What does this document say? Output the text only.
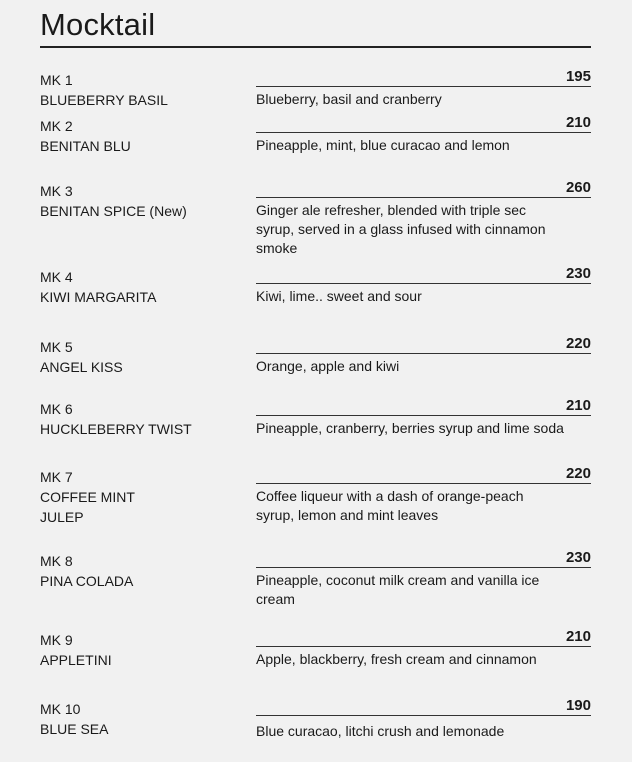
Mocktail
MK 1
BLUEBERRY BASIL
195
Blueberry, basil and cranberry
MK 2
BENITAN BLU
210
Pineapple, mint, blue curacao and lemon
MK 3
BENITAN SPICE (New)
260
Ginger ale refresher, blended with triple sec
syrup, served in a glass infused with cinnamon
smoke
MK 4
KIWI MARGARITA
230
Kiwi, lime.. sweet and sour
MK 5
ANGEL KISS
220
Orange, apple and kiwi
MK 6
HUCKLEBERRY TWIST
210
Pineapple, cranberry, berries syrup and lime soda
MK 7
COFFEE MINT
JULEP
220
Coffee liqueur with a dash of orange-peach
syrup, lemon and mint leaves
MK 8
PINA COLADA
230
Pineapple, coconut milk cream and vanilla ice
cream
MK 9
APPLETINI
210
Apple, blackberry, fresh cream and cinnamon
MK 10
BLUE SEA
190
Blue curacao, litchi crush and lemonade
